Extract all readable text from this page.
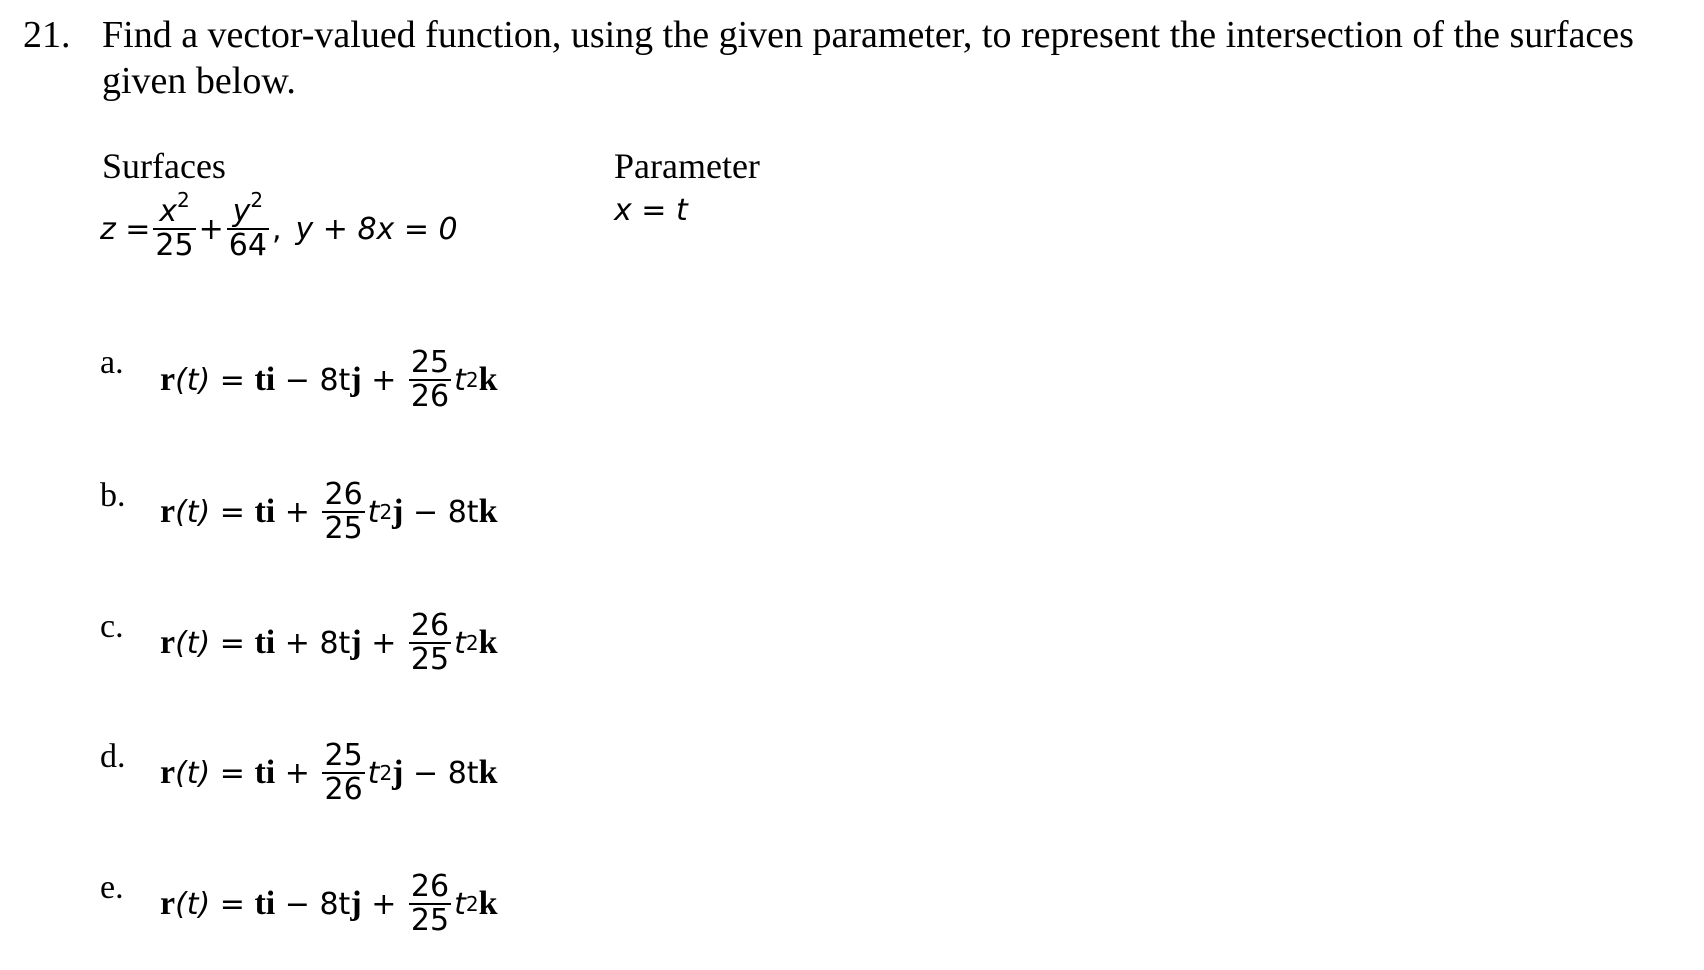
21. Find a vector-valued function, using the given parameter, to represent the intersection of the surfaces given below.
Surfaces	Parameter
$z = \frac{x^2}{25} + \frac{y^2}{64}$ , y + 8x = 0
x = t
a. r (t) = ti − 8t $j + \frac{25}{26}$ t 2 k
b. r (t) = ti + $\frac{26}{25}$ t 2 j − 8t k
c. r (t) = ti + 8t $j + \frac{26}{25}$ t 2 k
d. r (t) = ti + $\frac{25}{26}$ t 2 j − 8t k
e. r (t) = ti − 8t $j + \frac{26}{25}$ t 2 k
